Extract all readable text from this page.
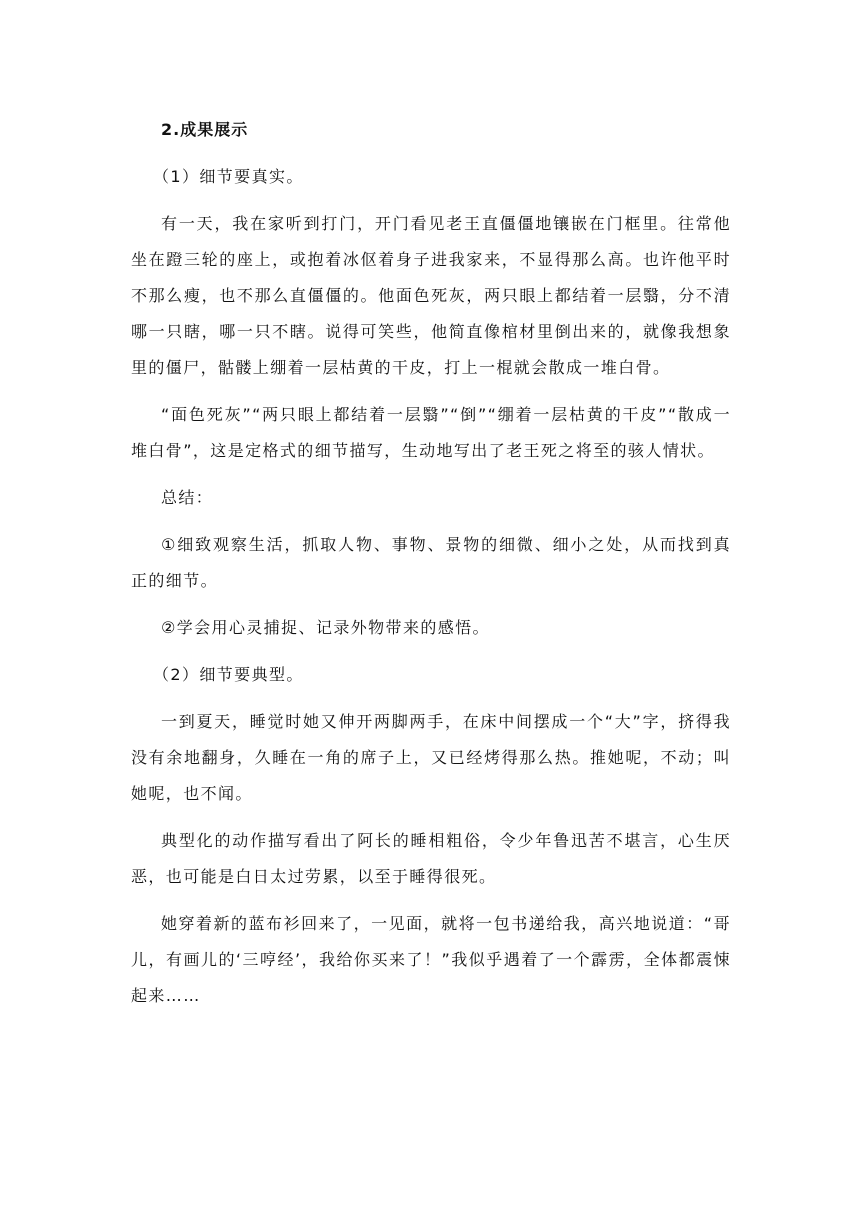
2.成果展示

（1）细节要真实。

有一天，我在家听到打门，开门看见老王直僵僵地镶嵌在门框里。往常他坐在蹬三轮的座上，或抱着冰伛着身子进我家来，不显得那么高。也许他平时不那么瘦，也不那么直僵僵的。他面色死灰，两只眼上都结着一层翳，分不清哪一只瞎，哪一只不瞎。说得可笑些，他简直像棺材里倒出来的，就像我想象里的僵尸，骷髅上绷着一层枯黄的干皮，打上一棍就会散成一堆白骨。

“面色死灰”“两只眼上都结着一层翳”“倒”“绷着一层枯黄的干皮”“散成一堆白骨”，这是定格式的细节描写，生动地写出了老王死之将至的骇人情状。

总结：

①细致观察生活，抓取人物、事物、景物的细微、细小之处，从而找到真正的细节。

②学会用心灵捕捉、记录外物带来的感悟。

（2）细节要典型。

一到夏天，睡觉时她又伸开两脚两手，在床中间摆成一个“大”字，挤得我没有余地翻身，久睡在一角的席子上，又已经烤得那么热。推她呢，不动；叫她呢，也不闻。

典型化的动作描写看出了阿长的睡相粗俗，令少年鲁迅苦不堪言，心生厌恶，也可能是白日太过劳累，以至于睡得很死。

她穿着新的蓝布衫回来了，一见面，就将一包书递给我，高兴地说道：“哥儿，有画儿的‘三哼经’，我给你买来了！”我似乎遇着了一个霹雳，全体都震悚起来……
